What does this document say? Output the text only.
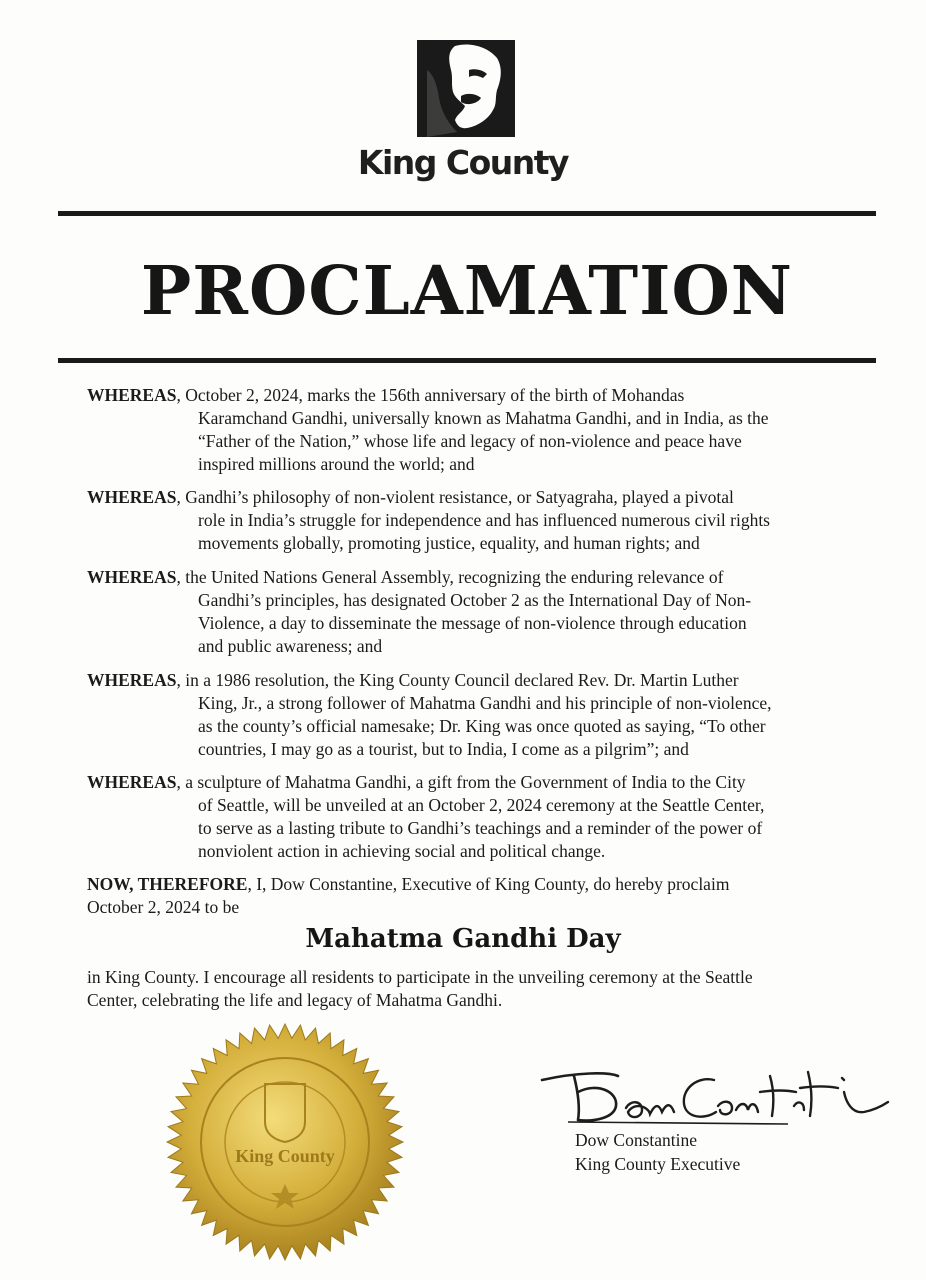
King County
PROCLAMATION
WHEREAS, October 2, 2024, marks the 156th anniversary of the birth of Mohandas
Karamchand Gandhi, universally known as Mahatma Gandhi, and in India, as the
“Father of the Nation,” whose life and legacy of non-violence and peace have
inspired millions around the world; and
WHEREAS, Gandhi’s philosophy of non-violent resistance, or Satyagraha, played a pivotal
role in India’s struggle for independence and has influenced numerous civil rights
movements globally, promoting justice, equality, and human rights; and
WHEREAS, the United Nations General Assembly, recognizing the enduring relevance of
Gandhi’s principles, has designated October 2 as the International Day of Non-
Violence, a day to disseminate the message of non-violence through education
and public awareness; and
WHEREAS, in a 1986 resolution, the King County Council declared Rev. Dr. Martin Luther
King, Jr., a strong follower of Mahatma Gandhi and his principle of non-violence,
as the county’s official namesake; Dr. King was once quoted as saying, “To other
countries, I may go as a tourist, but to India, I come as a pilgrim”; and
WHEREAS, a sculpture of Mahatma Gandhi, a gift from the Government of India to the City
of Seattle, will be unveiled at an October 2, 2024 ceremony at the Seattle Center,
to serve as a lasting tribute to Gandhi’s teachings and a reminder of the power of
nonviolent action in achieving social and political change.
NOW, THEREFORE, I, Dow Constantine, Executive of King County, do hereby proclaim
October 2, 2024 to be
Mahatma Gandhi Day
in King County. I encourage all residents to participate in the unveiling ceremony at the Seattle
Center, celebrating the life and legacy of Mahatma Gandhi.
King County
Dow Constantine
King County Executive
